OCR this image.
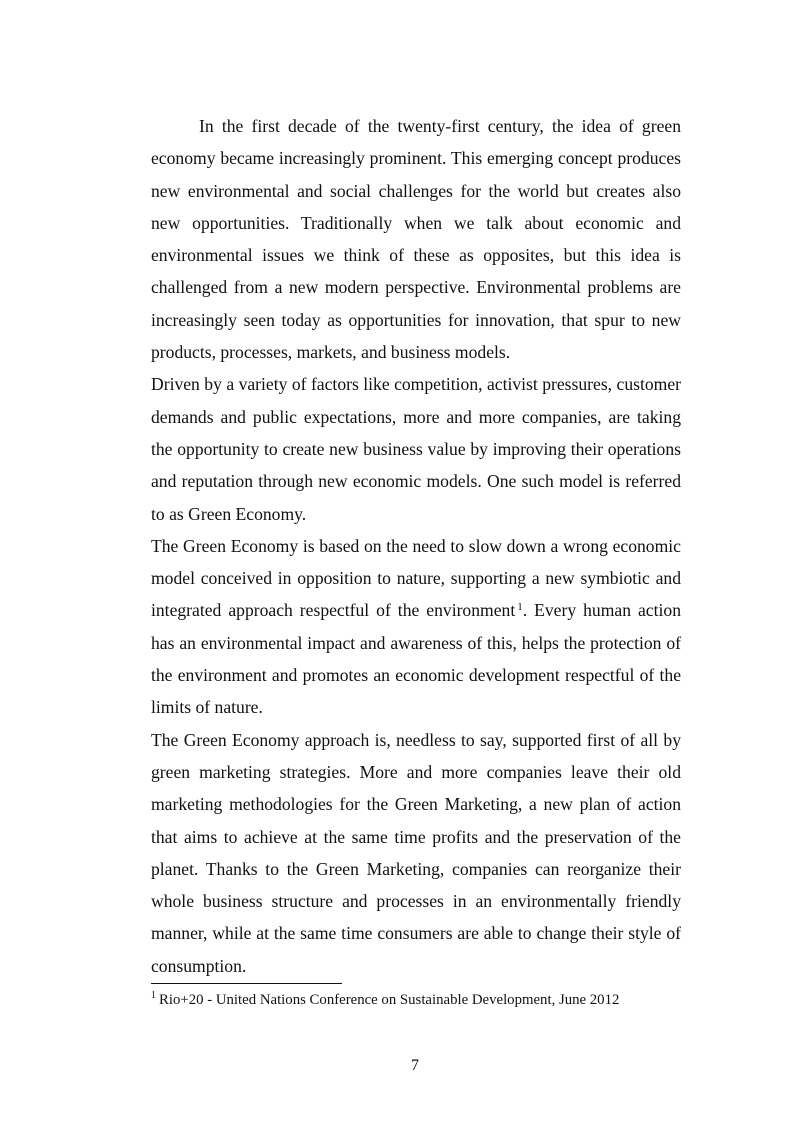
In the first decade of the twenty-first century, the idea of green economy became increasingly prominent. This emerging concept produces new environmental and social challenges for the world but creates also new opportunities. Traditionally when we talk about economic and environmental issues we think of these as opposites, but this idea is challenged from a new modern perspective. Environmental problems are increasingly seen today as opportunities for innovation, that spur to new products, processes, markets, and business models.

Driven by a variety of factors like competition, activist pressures, customer demands and public expectations, more and more companies, are taking the opportunity to create new business value by improving their operations and reputation through new economic models. One such model is referred to as Green Economy.

The Green Economy is based on the need to slow down a wrong economic model conceived in opposition to nature, supporting a new symbiotic and integrated approach respectful of the environment $^1$. Every human action has an environmental impact and awareness of this, helps the protection of the environment and promotes an economic development respectful of the limits of nature.

The Green Economy approach is, needless to say, supported first of all by green marketing strategies. More and more companies leave their old marketing methodologies for the Green Marketing, a new plan of action that aims to achieve at the same time profits and the preservation of the planet. Thanks to the Green Marketing, companies can reorganize their whole business structure and processes in an environmentally friendly manner, while at the same time consumers are able to change their style of consumption.

$^1$ Rio+20 - United Nations Conference on Sustainable Development, June 2012
7
